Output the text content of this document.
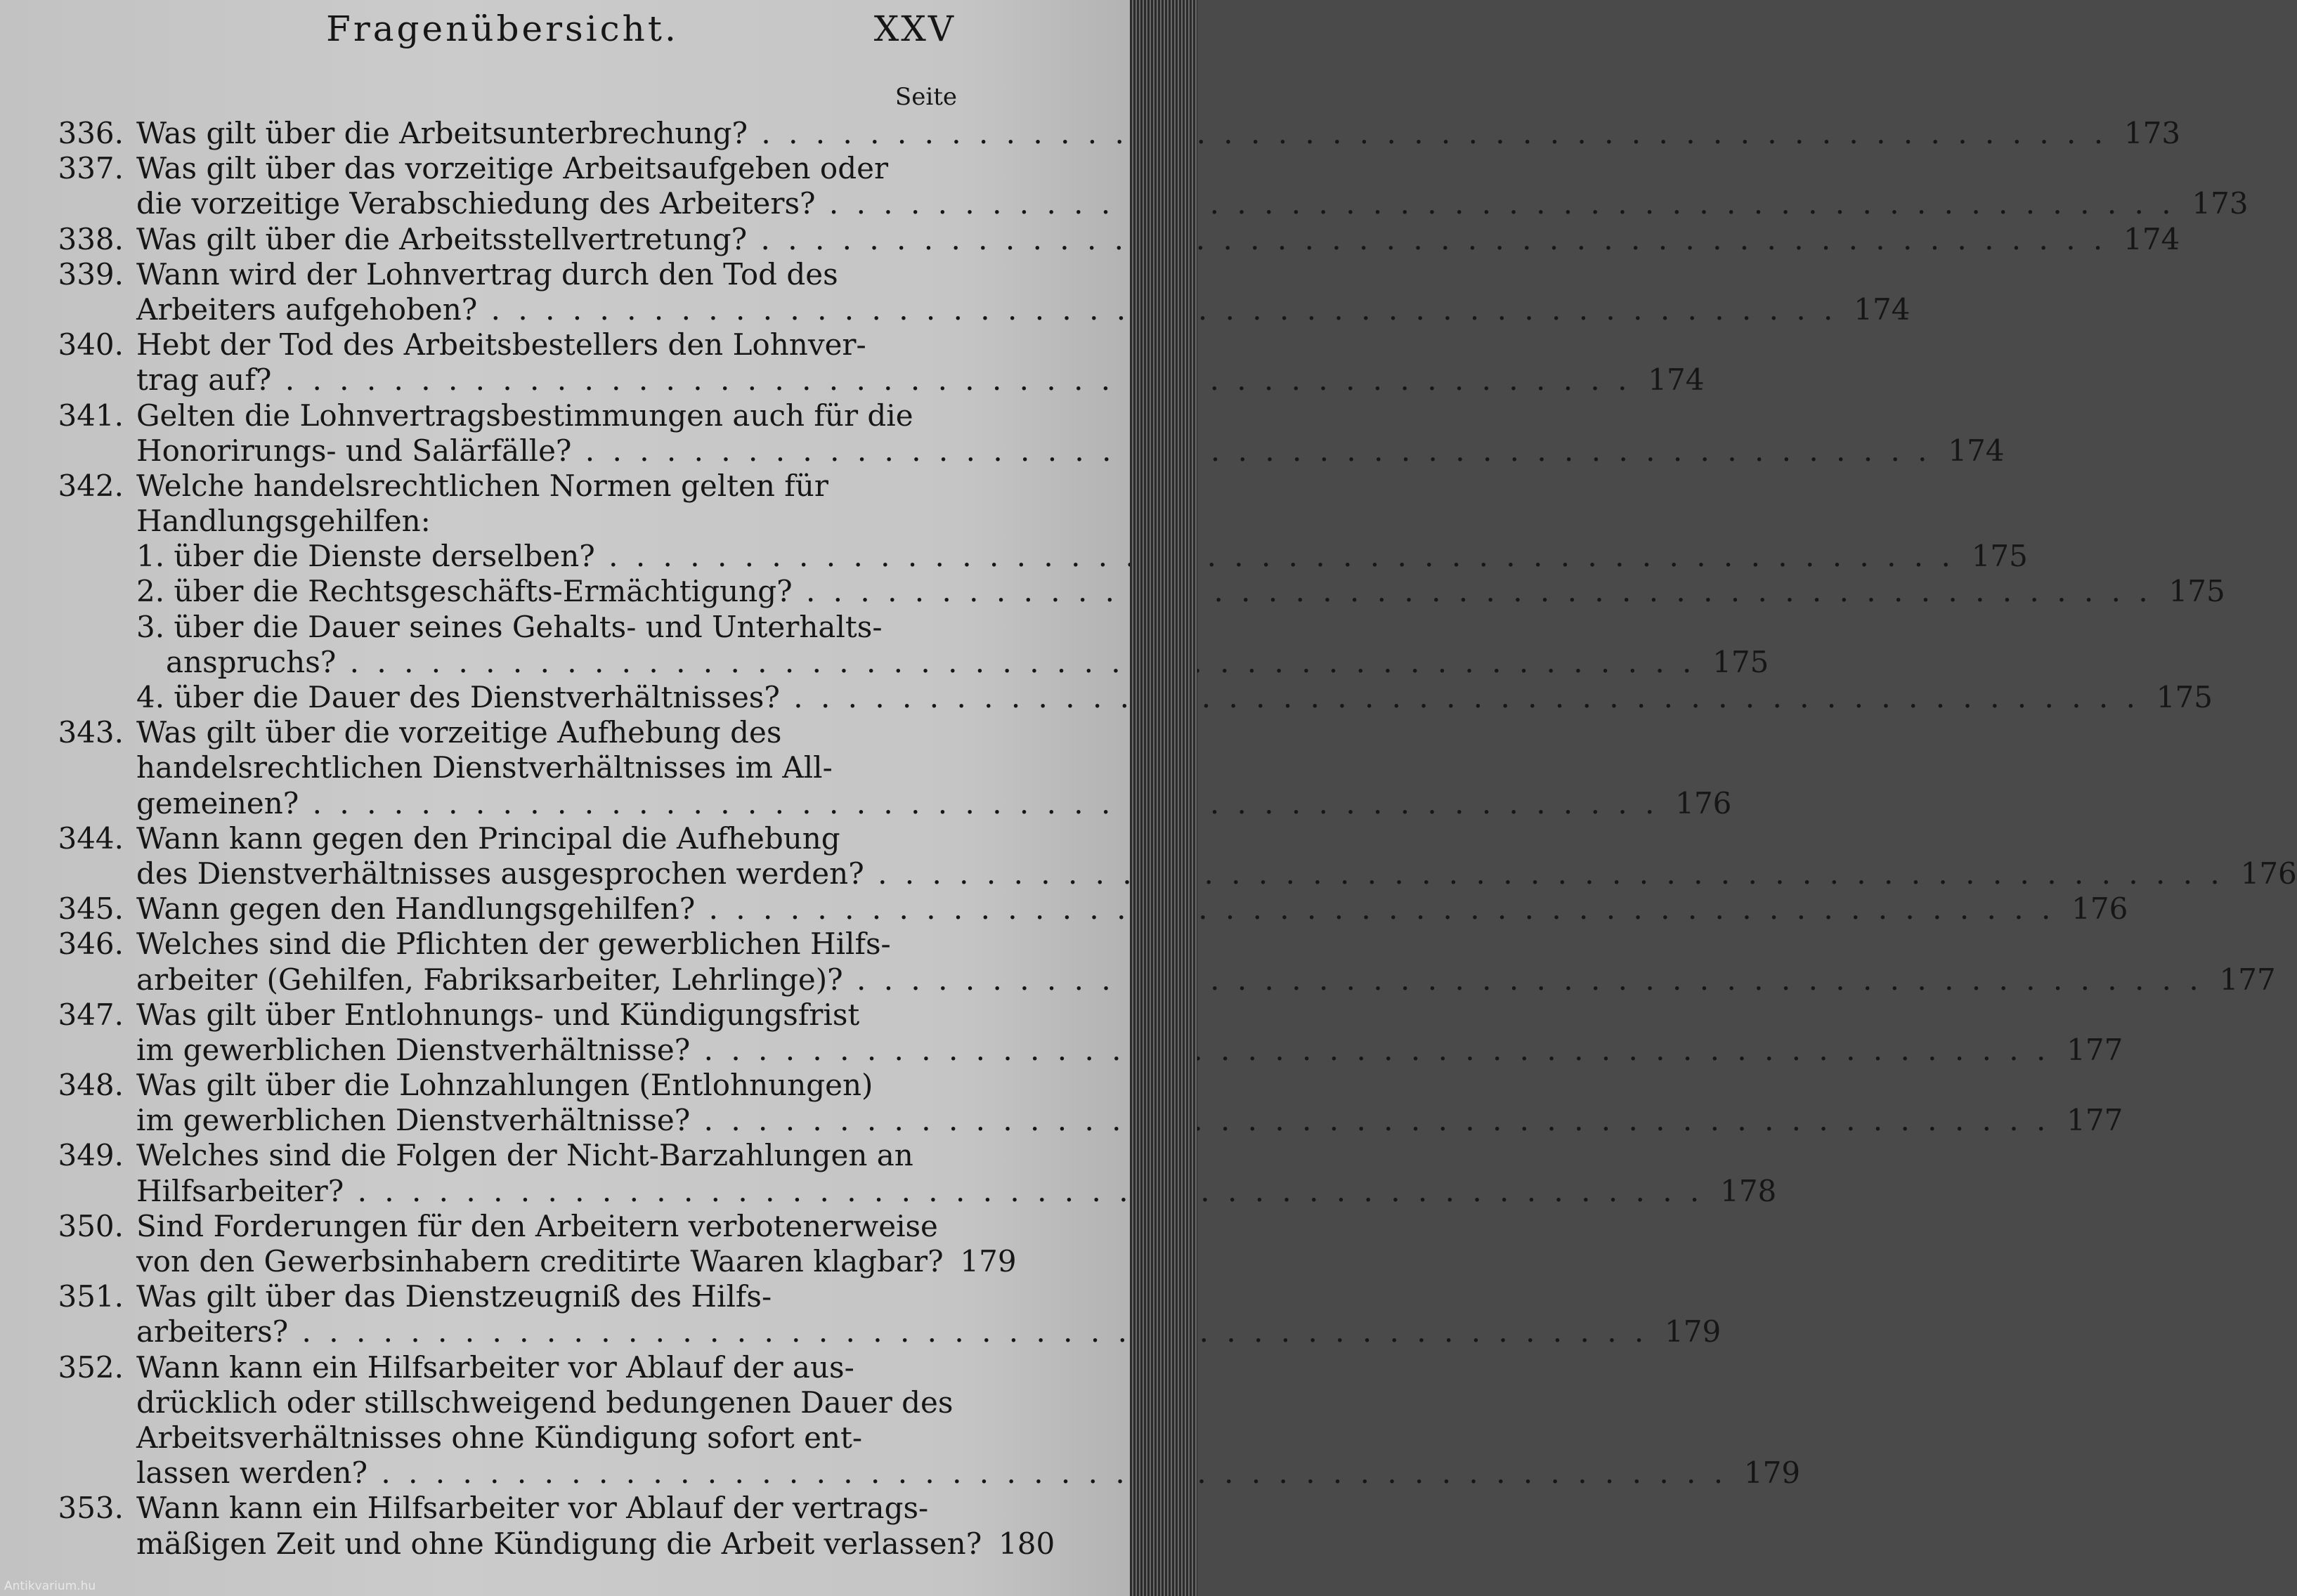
Fragenübersicht.	XXV
Seite
336. Was gilt über die Arbeitsunterbrechung? . . .	173
337. Was gilt über das vorzeitige Arbeitsaufgeben oder
die vorzeitige Verabschiedung des Arbeiters? . . .	173
338. Was gilt über die Arbeitsstellvertretung? . . .	174
339. Wann wird der Lohnvertrag durch den Tod des
Arbeiters aufgehoben? . . .	174
340. Hebt der Tod des Arbeitsbestellers den Lohnver-
trag auf? . . .	174
341. Gelten die Lohnvertragsbestimmungen auch für die
Honorirungs- und Salärfälle? . . .	174
342. Welche handelsrechtlichen Normen gelten für
Handlungsgehilfen:
1. über die Dienste derselben? . . .	175
2. über die Rechtsgeschäfts-Ermächtigung? . . .	175
3. über die Dauer seines Gehalts- und Unterhalts-
anspruchs? . . .	175
4. über die Dauer des Dienstverhältnisses? . . .	175
343. Was gilt über die vorzeitige Aufhebung des
handelsrechtlichen Dienstverhältnisses im All-
gemeinen? . . .	176
344. Wann kann gegen den Principal die Aufhebung
des Dienstverhältnisses ausgesprochen werden? . . .	176
345. Wann gegen den Handlungsgehilfen? . . .	176
346. Welches sind die Pflichten der gewerblichen Hilfs-
arbeiter (Gehilfen, Fabriksarbeiter, Lehrlinge)? . . .	177
347. Was gilt über Entlohnungs- und Kündigungsfrist
im gewerblichen Dienstverhältnisse? . . .	177
348. Was gilt über die Lohnzahlungen (Entlohnungen)
im gewerblichen Dienstverhältnisse? . . .	177
349. Welches sind die Folgen der Nicht-Barzahlungen an
Hilfsarbeiter? . . .	178
350. Sind Forderungen für den Arbeitern verbotenerweise
von den Gewerbsinhabern creditirte Waaren klagbar? 179
351. Was gilt über das Dienstzeugniß des Hilfs-
arbeiters? . . .	179
352. Wann kann ein Hilfsarbeiter vor Ablauf der aus-
drücklich oder stillschweigend bedungenen Dauer des
Arbeitsverhältnisses ohne Kündigung sofort ent-
lassen werden? . . .	179
353. Wann kann ein Hilfsarbeiter vor Ablauf der vertrags-
mäßigen Zeit und ohne Kündigung die Arbeit verlassen? 180
Antikvarium.hu
